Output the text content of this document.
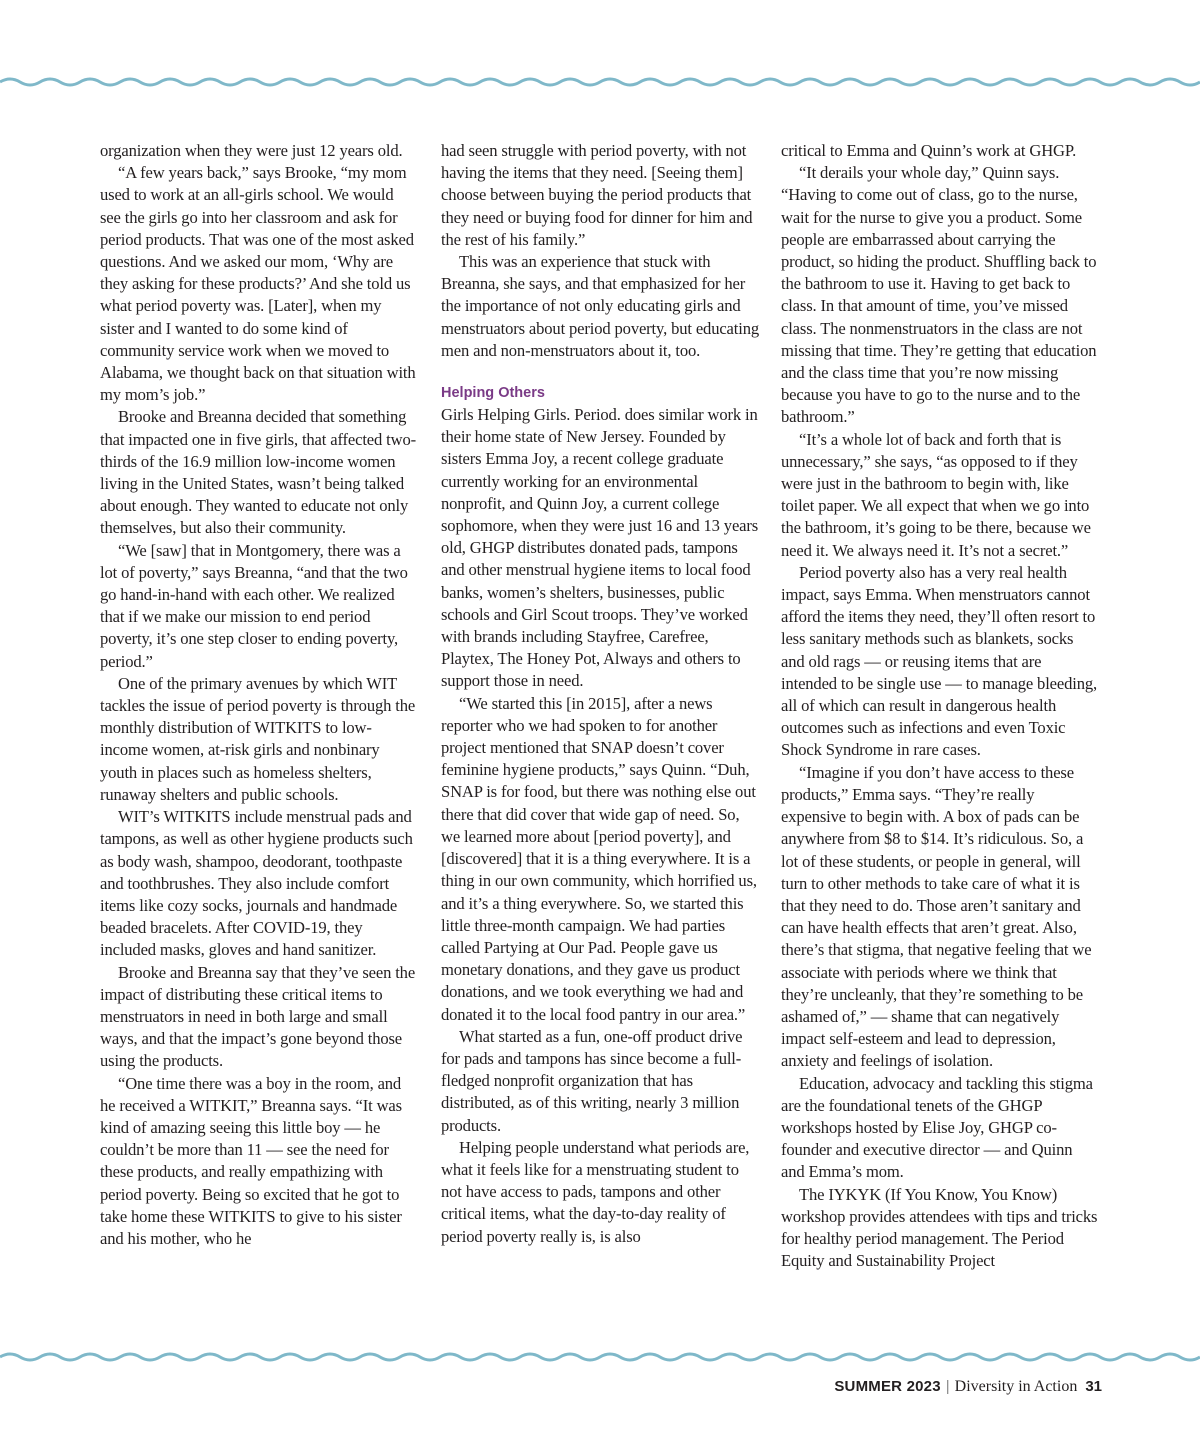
organization when they were just 12 years old.

“A few years back,” says Brooke, “my mom used to work at an all-girls school. We would see the girls go into her classroom and ask for period products. That was one of the most asked questions. And we asked our mom, ‘Why are they asking for these products?’ And she told us what period poverty was. [Later], when my sister and I wanted to do some kind of community service work when we moved to Alabama, we thought back on that situation with my mom’s job.”

Brooke and Breanna decided that something that impacted one in five girls, that affected two-thirds of the 16.9 million low-income women living in the United States, wasn’t being talked about enough. They wanted to educate not only themselves, but also their community.

“We [saw] that in Montgomery, there was a lot of poverty,” says Breanna, “and that the two go hand-in-hand with each other. We realized that if we make our mission to end period poverty, it’s one step closer to ending poverty, period.”

One of the primary avenues by which WIT tackles the issue of period poverty is through the monthly distribution of WITKITS to low-income women, at-risk girls and nonbinary youth in places such as homeless shelters, runaway shelters and public schools.

WIT’s WITKITS include menstrual pads and tampons, as well as other hygiene products such as body wash, shampoo, deodorant, toothpaste and toothbrushes. They also include comfort items like cozy socks, journals and handmade beaded bracelets. After COVID-19, they included masks, gloves and hand sanitizer.

Brooke and Breanna say that they’ve seen the impact of distributing these critical items to menstruators in need in both large and small ways, and that the impact’s gone beyond those using the products.

“One time there was a boy in the room, and he received a WITKIT,” Breanna says. “It was kind of amazing seeing this little boy — he couldn’t be more than 11 — see the need for these products, and really empathizing with period poverty. Being so excited that he got to take home these WITKITS to give to his sister and his mother, who he

had seen struggle with period poverty, with not having the items that they need. [Seeing them] choose between buying the period products that they need or buying food for dinner for him and the rest of his family.”

This was an experience that stuck with Breanna, she says, and that emphasized for her the importance of not only educating girls and menstruators about period poverty, but educating men and non-menstruators about it, too.

Helping Others

Girls Helping Girls. Period. does similar work in their home state of New Jersey. Founded by sisters Emma Joy, a recent college graduate currently working for an environmental nonprofit, and Quinn Joy, a current college sophomore, when they were just 16 and 13 years old, GHGP distributes donated pads, tampons and other menstrual hygiene items to local food banks, women’s shelters, businesses, public schools and Girl Scout troops. They’ve worked with brands including Stayfree, Carefree, Playtex, The Honey Pot, Always and others to support those in need.

“We started this [in 2015], after a news reporter who we had spoken to for another project mentioned that SNAP doesn’t cover feminine hygiene products,” says Quinn. “Duh, SNAP is for food, but there was nothing else out there that did cover that wide gap of need. So, we learned more about [period poverty], and [discovered] that it is a thing everywhere. It is a thing in our own community, which horrified us, and it’s a thing everywhere. So, we started this little three-month campaign. We had parties called Partying at Our Pad. People gave us monetary donations, and they gave us product donations, and we took everything we had and donated it to the local food pantry in our area.”

What started as a fun, one-off product drive for pads and tampons has since become a full-fledged nonprofit organization that has distributed, as of this writing, nearly 3 million products.

Helping people understand what periods are, what it feels like for a menstruating student to not have access to pads, tampons and other critical items, what the day-to-day reality of period poverty really is, is also

critical to Emma and Quinn’s work at GHGP.

“It derails your whole day,” Quinn says. “Having to come out of class, go to the nurse, wait for the nurse to give you a product. Some people are embarrassed about carrying the product, so hiding the product. Shuffling back to the bathroom to use it. Having to get back to class. In that amount of time, you’ve missed class. The nonmenstruators in the class are not missing that time. They’re getting that education and the class time that you’re now missing because you have to go to the nurse and to the bathroom.”

“It’s a whole lot of back and forth that is unnecessary,” she says, “as opposed to if they were just in the bathroom to begin with, like toilet paper. We all expect that when we go into the bathroom, it’s going to be there, because we need it. We always need it. It’s not a secret.”

Period poverty also has a very real health impact, says Emma. When menstruators cannot afford the items they need, they’ll often resort to less sanitary methods such as blankets, socks and old rags — or reusing items that are intended to be single use — to manage bleeding, all of which can result in dangerous health outcomes such as infections and even Toxic Shock Syndrome in rare cases.

“Imagine if you don’t have access to these products,” Emma says. “They’re really expensive to begin with. A box of pads can be anywhere from $8 to $14. It’s ridiculous. So, a lot of these students, or people in general, will turn to other methods to take care of what it is that they need to do. Those aren’t sanitary and can have health effects that aren’t great. Also, there’s that stigma, that negative feeling that we associate with periods where we think that they’re uncleanly, that they’re something to be ashamed of,” — shame that can negatively impact self-esteem and lead to depression, anxiety and feelings of isolation.

Education, advocacy and tackling this stigma are the foundational tenets of the GHGP workshops hosted by Elise Joy, GHGP co-founder and executive director — and Quinn and Emma’s mom.

The IYKYK (If You Know, You Know) workshop provides attendees with tips and tricks for healthy period management. The Period Equity and Sustainability Project

SUMMER 2023 | Diversity in Action 31
